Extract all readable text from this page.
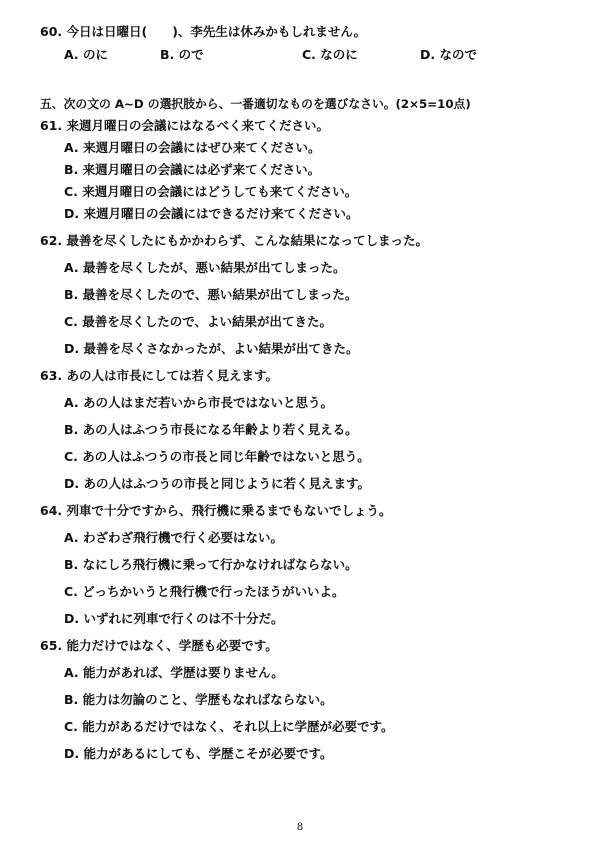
60. 今日は日曜日(　　)、李先生は休みかもしれません。
A. のに	B. ので	C. なのに	D. なので
五、次の文の A~D の選択肢から、一番適切なものを選びなさい。(2×5=10点)
61. 来週月曜日の会議にはなるべく来てください。
A. 来週月曜日の会議にはぜひ来てください。
B. 来週月曜日の会議には必ず来てください。
C. 来週月曜日の会議にはどうしても来てください。
D. 来週月曜日の会議にはできるだけ来てください。
62. 最善を尽くしたにもかかわらず、こんな結果になってしまった。
A. 最善を尽くしたが、悪い結果が出てしまった。
B. 最善を尽くしたので、悪い結果が出てしまった。
C. 最善を尽くしたので、よい結果が出てきた。
D. 最善を尽くさなかったが、よい結果が出てきた。
63. あの人は市長にしては若く見えます。
A. あの人はまだ若いから市長ではないと思う。
B. あの人はふつう市長になる年齢より若く見える。
C. あの人はふつうの市長と同じ年齢ではないと思う。
D. あの人はふつうの市長と同じように若く見えます。
64. 列車で十分ですから、飛行機に乗るまでもないでしょう。
A. わざわざ飛行機で行く必要はない。
B. なにしろ飛行機に乗って行かなければならない。
C. どっちかいうと飛行機で行ったほうがいいよ。
D. いずれに列車で行くのは不十分だ。
65. 能力だけではなく、学歴も必要です。
A. 能力があれば、学歴は要りません。
B. 能力は勿論のこと、学歴もなればならない。
C. 能力があるだけではなく、それ以上に学歴が必要です。
D. 能力があるにしても、学歴こそが必要です。
8
